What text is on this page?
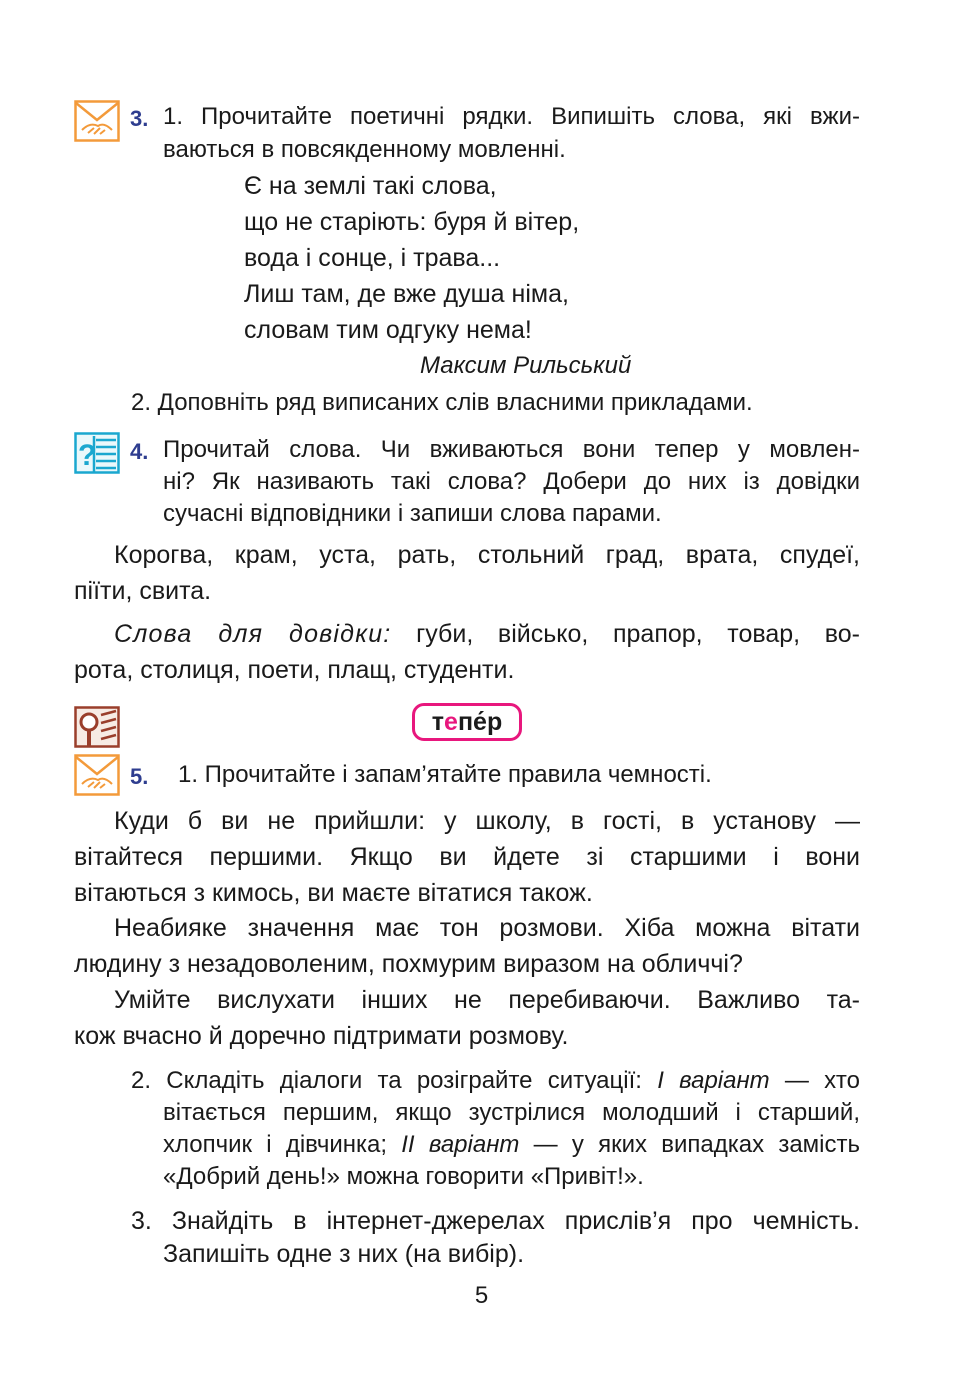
3. 1. Прочитайте поетичні рядки. Випишіть слова, які вжи-
ваються в повсякденному мовленні.
Є на землі такі слова,
що не старіють: буря й вітер,
вода і сонце, і трава...
Лиш там, де вже душа німа,
словам тим одгуку нема!
Максим Рильський
2. Доповніть ряд виписаних слів власними прикладами.
? 4. Прочитай слова. Чи вживаються вони тепер у мовлен-
ні? Як називають такі слова? Добери до них із довідки
сучасні відповідники і запиши слова парами.
Корогва, крам, уста, рать, стольний град, врата, спудеї,
піїти, свита.
Слова для довідки: губи, військо, прапор, товар, во-
рота, столиця, поети, плащ, студенти.
тепе́р
5. 1. Прочитайте і запам’ятайте правила чемності.
Куди б ви не прийшли: у школу, в гості, в установу —
вітайтеся першими. Якщо ви йдете зі старшими і вони
вітаються з кимось, ви маєте вітатися також.
Неабияке значення має тон розмови. Хіба можна вітати
людину з незадоволеним, похмурим виразом на обличчі?
Умійте вислухати інших не перебиваючи. Важливо та-
кож вчасно й доречно підтримати розмову.
2. Складіть діалоги та розіграйте ситуації: І варіант — хто
вітається першим, якщо зустрілися молодший і старший,
хлопчик і дівчинка; ІІ варіант — у яких випадках замість
«Добрий день!» можна говорити «Привіт!».
3. Знайдіть в інтернет-джерелах прислів’я про чемність.
Запишіть одне з них (на вибір).
5
